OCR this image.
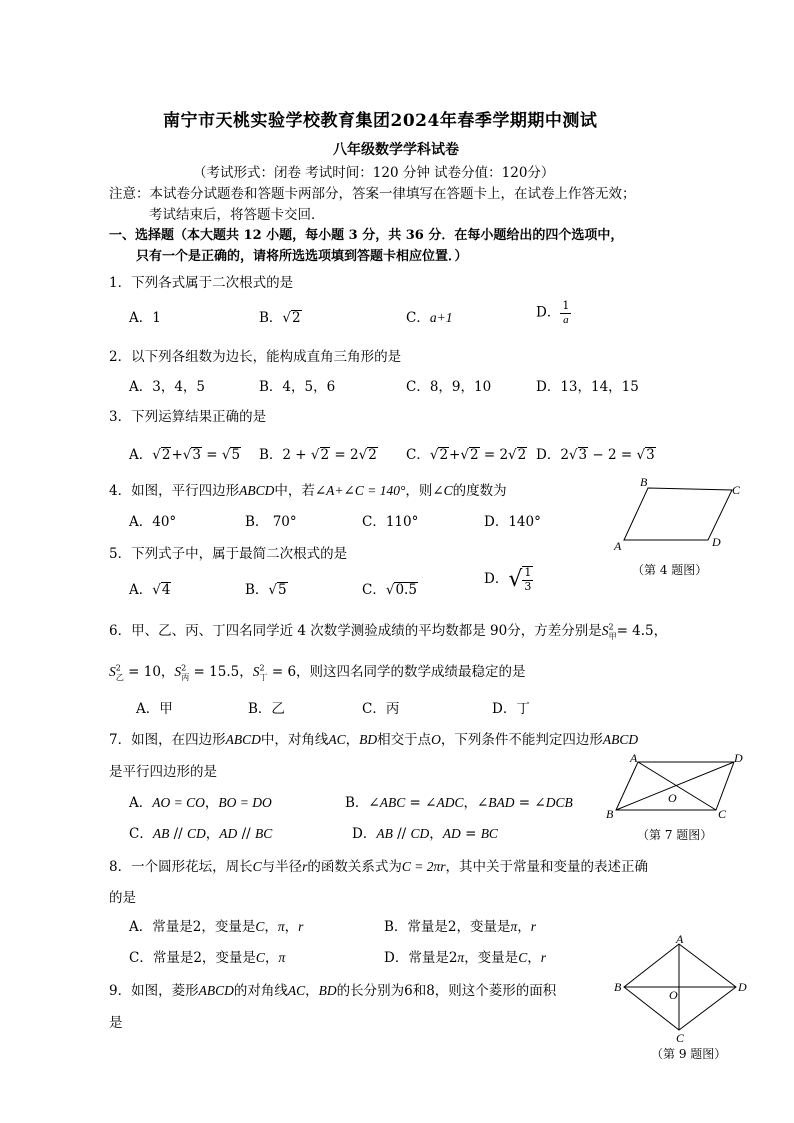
南宁市天桃实验学校教育集团2024年春季学期期中测试
八年级数学学科试卷
（考试形式：闭卷 考试时间：120 分钟 试卷分值：120分）
注意：本试卷分试题卷和答题卡两部分，答案一律填写在答题卡上，在试卷上作答无效；
考试结束后，将答题卡交回．
一、选择题（本大题共 12 小题，每小题 3 分，共 36 分．在每小题给出的四个选项中，
只有一个是正确的，请将所选选项填到答题卡相应位置．）
1．下列各式属于二次根式的是
A．1	B．√2	C．a+1	D． $\frac{1}{a}$
2．以下列各组数为边长，能构成直角三角形的是
A．3，4，5	B．4，5，6	C．8，9，10	D．13，14，15
3．下列运算结果正确的是
A．√2+√3 = √5 B．2 + √2 = 2√2 C．√2+√2 = 2√2 D．2√3 − 2 = √3
4．如图，平行四边形ABCD中，若∠A+∠C = 140°，则∠C的度数为
A．40°	B． 70°	C．110°	D．140°
B
C
D
A
（第 4 题图）
5．下列式子中，属于最简二次根式的是
A．√4	B．√5	C．√0.5
D．√ $\frac{1}{3}$
6．甲、乙、丙、丁四名同学近 4 次数学测验成绩的平均数都是 90分，方差分别是$S^2_甲= 4.5$，
$S^2_乙 = 10$，$S^2_丙 = 15.5$，$S^2_丁 = 6$，则这四名同学的数学成绩最稳定的是
A．甲	B．乙	C．丙	D．丁
7．如图，在四边形ABCD中，对角线AC，BD相交于点O，下列条件不能判定四边形ABCD
是平行四边形的是
A．AO = CO，BO = DO	B．∠ABC = ∠ADC，∠BAD = ∠DCB
C．AB // CD，AD // BC	D．AB // CD，AD = BC
A	D
C
B
O
（第 7 题图）
8．一个圆形花坛，周长C与半径r的函数关系式为C = 2πr，其中关于常量和变量的表述正确
的是
A．常量是2，变量是C，π，r	B．常量是2，变量是π，r
C．常量是2，变量是C，π	D．常量是2π，变量是C，r
9．如图，菱形ABCD的对角线AC，BD的长分别为6和8，则这个菱形的面积
是
A
B	D
C
O
（第 9 题图）
